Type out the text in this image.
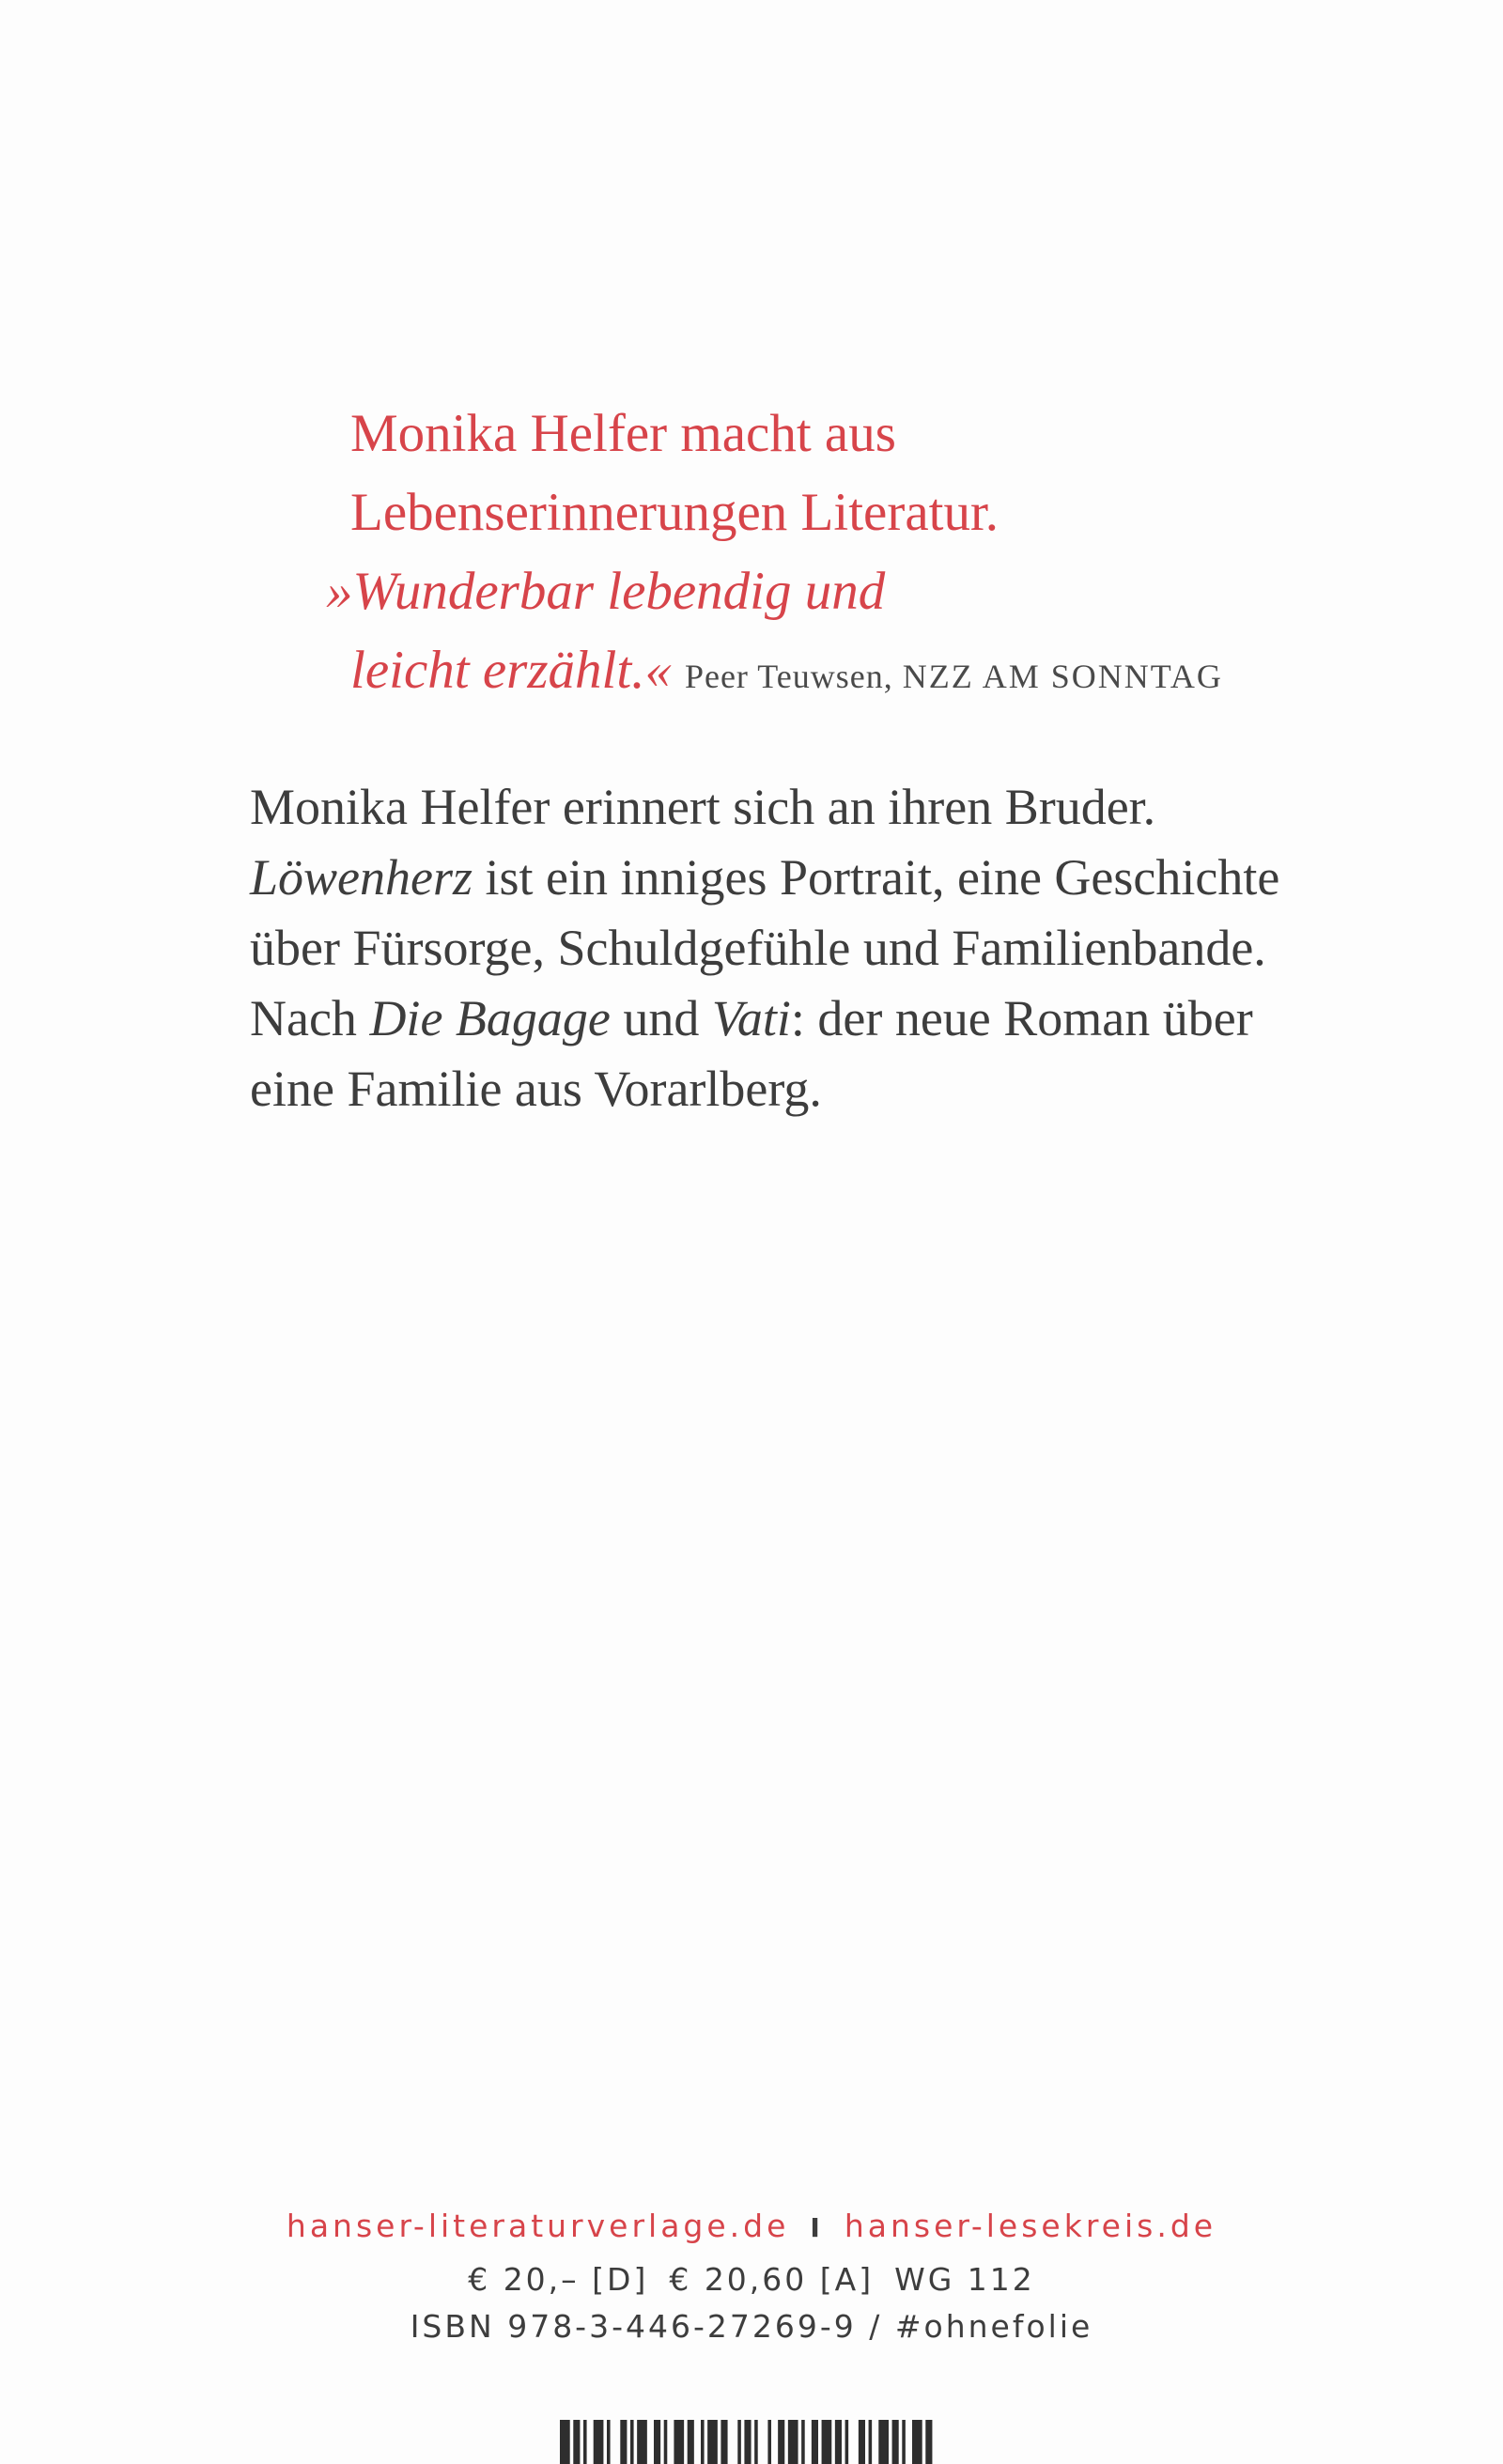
Monika Helfer macht aus
Lebenserinnerungen Literatur.
»Wunderbar lebendig und
leicht erzählt.« Peer Teuwsen, NZZ AM SONNTAG
Monika Helfer erinnert sich an ihren Bruder.
Löwenherz ist ein inniges Portrait, eine Geschichte
über Fürsorge, Schuldgefühle und Familienbande.
Nach Die Bagage und Vati: der neue Roman über
eine Familie aus Vorarlberg.
hanser-literaturverlage.de I hanser-lesekreis.de
€ 20,– [D] € 20,60 [A] WG 112
ISBN 978-3-446-27269-9 / #ohnefolie
